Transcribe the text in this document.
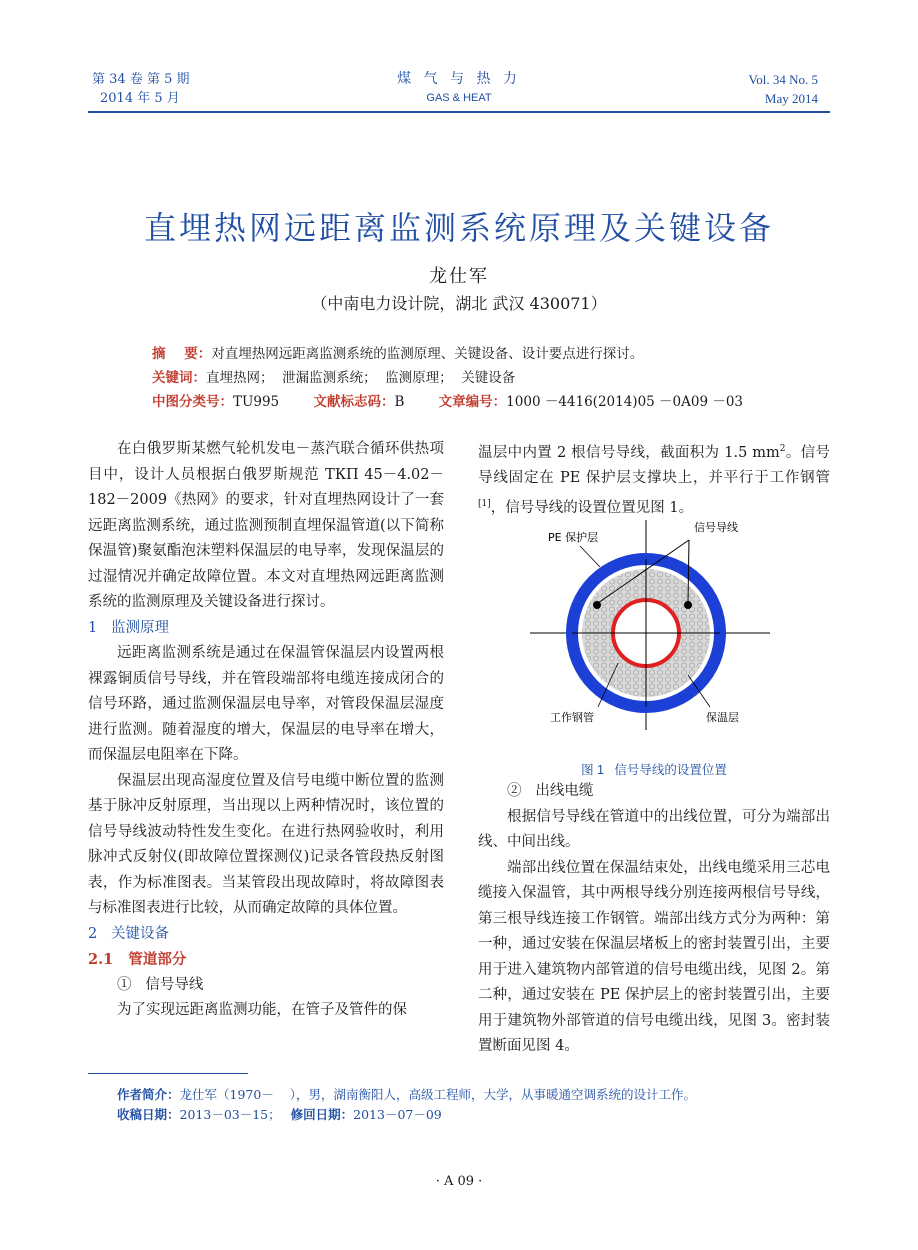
第 34 卷 第 5 期
2014 年 5 月
煤 气 与 热 力
GAS & HEAT
Vol. 34 No. 5
May 2014
直埋热网远距离监测系统原理及关键设备
龙仕军
（中南电力设计院，湖北 武汉 430071）
摘    要：对直埋热网远距离监测系统的监测原理、关键设备、设计要点进行探讨。
关键词：直埋热网；  泄漏监测系统；  监测原理；  关键设备
中图分类号：TU995	文献标志码：B	文章编号：1000 －4416(2014)05 －0A09 －03

在白俄罗斯某燃气轮机发电－蒸汽联合循环供热项目中，设计人员根据白俄罗斯规范 ТКП 45－4.02－182－2009《热网》的要求，针对直埋热网设计了一套远距离监测系统，通过监测预制直埋保温管道(以下简称保温管)聚氨酯泡沫塑料保温层的电导率，发现保温层的过湿情况并确定故障位置。本文对直埋热网远距离监测系统的监测原理及关键设备进行探讨。

1   监测原理

远距离监测系统是通过在保温管保温层内设置两根裸露铜质信号导线，并在管段端部将电缆连接成闭合的信号环路，通过监测保温层电导率，对管段保温层湿度进行监测。随着湿度的增大，保温层的电导率在增大，而保温层电阻率在下降。

保温层出现高湿度位置及信号电缆中断位置的监测基于脉冲反射原理，当出现以上两种情况时，该位置的信号导线波动特性发生变化。在进行热网验收时，利用脉冲式反射仪(即故障位置探测仪)记录各管段热反射图表，作为标准图表。当某管段出现故障时，将故障图表与标准图表进行比较，从而确定故障的具体位置。

2   关键设备

2.1   管道部分

①   信号导线

为了实现远距离监测功能，在管子及管件的保

温层中内置 2 根信号导线，截面积为 1.5 $mm^2$。信号导线固定在 PE 保护层支撑块上，并平行于工作钢管[1]，信号导线的设置位置见图 1。

PE 保护层
信号导线
工作钢管	保温层
图 1   信号导线的设置位置

②   出线电缆

根据信号导线在管道中的出线位置，可分为端部出线、中间出线。

端部出线位置在保温结束处，出线电缆采用三芯电缆接入保温管，其中两根导线分别连接两根信号导线，第三根导线连接工作钢管。端部出线方式分为两种：第一种，通过安装在保温层堵板上的密封装置引出，主要用于进入建筑物内部管道的信号电缆出线，见图 2。第二种，通过安装在 PE 保护层上的密封装置引出，主要用于建筑物外部管道的信号电缆出线，见图 3。密封装置断面见图 4。

作者简介：龙仕军（1970－    ），男，湖南衡阳人，高级工程师，大学，从事暖通空调系统的设计工作。
收稿日期：2013－03－15； 修回日期：2013－07－09
· A 09 ·
